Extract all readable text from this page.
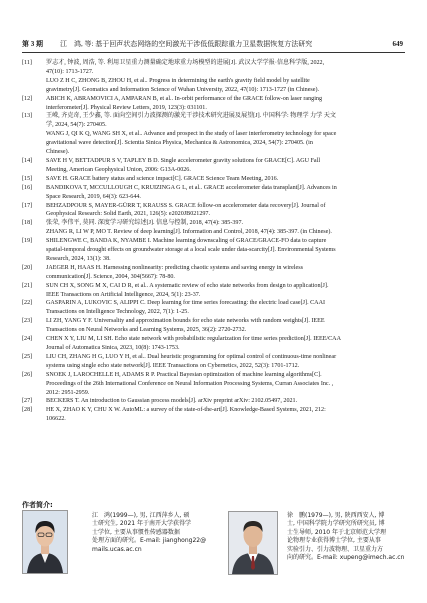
第 3 期 江　鸿, 等: 基于回声状态网络的空间激光干涉低低跟踪重力卫星数据恢复方法研究	649
[11]	罗志才, 钟波, 周浩, 等. 利用卫星重力测量确定地球重力场模型的进展[J]. 武汉大学学报·信息科学版, 2022,
47(10): 1713-1727.
LUO Z H C, ZHONG B, ZHOU H, et al.. Progress in determining the earth's gravity field model by satellite
gravimetry[J]. Geomatics and Information Science of Wuhan University, 2022, 47(10): 1713-1727 (in Chinese).
[12]	ABICH K, ABRAMOVICI A, AMPARAN B, et al.. In-orbit performance of the GRACE follow-on laser ranging
interferometer[J]. Physical Review Letters, 2019, 123(3): 031101.
[13]	王嵘, 齐克奇, 王少鑫, 等. 面向空间引力波探测的激光干涉技术研究进展及展望[J]. 中国科学: 物理学 力学 天文
学, 2024, 54(7): 270405.
WANG J, QI K Q, WANG SH X, et al.. Advance and prospect in the study of laser interferometry technology for space
gravitational wave detection[J]. Scientia Sinica Physica, Mechanica & Astronomica, 2024, 54(7): 270405. (in
Chinese).
[14]	SAVE H V, BETTADPUR S V, TAPLEY B D. Single accelerometer gravity solutions for GRACE[C]. AGU Fall
Meeting, American Geophysical Union, 2006: G13A-0026.
[15]	SAVE H. GRACE battery status and science impact[C]. GRACE Science Team Meeting, 2016.
[16]	BANDIKOVA T, MCCULLOUGH C, KRUIZINGA G L, et al.. GRACE accelerometer data transplant[J]. Advances in
Space Research, 2019, 64(3): 623-644.
[17]	BEHZADPOUR S, MAYER-GÜRR T, KRAUSS S. GRACE follow-on accelerometer data recovery[J]. Journal of
Geophysical Research: Solid Earth, 2021, 126(5): e2020JB021297.
[18]	张荣, 李伟平, 莫同. 深度学习研究综述[J]. 信息与控制, 2018, 47(4): 385-397.
ZHANG R, LI W P, MO T. Review of deep learning[J]. Information and Control, 2018, 47(4): 385-397. (in Chinese).
[19]	SHILENGWE C, BANDA K, NYAMBE I. Machine learning downscaling of GRACE/GRACE-FO data to capture
spatial-temporal drought effects on groundwater storage at a local scale under data-scarcity[J]. Environmental Systems
Research, 2024, 13(1): 38.
[20]	JAEGER H, HAAS H. Harnessing nonlinearity: predicting chaotic systems and saving energy in wireless
communication[J]. Science, 2004, 304(5667): 78-80.
[21]	SUN CH X, SONG M X, CAI D R, et al.. A systematic review of echo state networks from design to application[J].
IEEE Transactions on Artificial Intelligence, 2024, 5(1): 23-37.
[22]	GASPARIN A, LUKOVIC S, ALIPPI C. Deep learning for time series forecasting: the electric load case[J]. CAAI
Transactions on Intelligence Technology, 2022, 7(1): 1-25.
[23]	LI ZH, YANG Y F. Universality and approximation bounds for echo state networks with random weights[J]. IEEE
Transactions on Neural Networks and Learning Systems, 2025, 36(2): 2720-2732.
[24]	CHEN X Y, LIU M, LI SH. Echo state network with probabilistic regularization for time series prediction[J]. IEEE/CAA
Journal of Automatica Sinica, 2023, 10(8): 1743-1753.
[25]	LIU CH, ZHANG H G, LUO Y H, et al.. Dual heuristic programming for optimal control of continuous-time nonlinear
systems using single echo state network[J]. IEEE Transactions on Cybernetics, 2022, 52(3): 1701-1712.
[26]	SNOEK J, LAROCHELLE H, ADAMS R P. Practical Bayesian optimization of machine learning algorithms[C].
Proceedings of the 26th International Conference on Neural Information Processing Systems, Curran Associates Inc. ,
2012: 2951-2959.
[27]	BECKERS T. An introduction to Gaussian process models[J]. arXiv preprint arXiv: 2102.05497, 2021.
[28]	HE X, ZHAO K Y, CHU X W. AutoML: a survey of the state-of-the-art[J]. Knowledge-Based Systems, 2021, 212:
106622.
作者简介:
江　鸿(1999—), 男, 江西萍乡人, 硕
士研究生, 2021 年于南开大学获得学
士学位, 主要从事惯性传感器数据
处理方面的研究。E-mail: jianghong22@
mails.ucas.ac.cn
徐　鹏(1979—), 男, 陕西西安人, 博
士, 中国科学院力学研究所研究员, 博
士生导师, 2010 年于北京师范大学理
论物理专业获得博士学位, 主要从事
实验引力、引力波物理、卫星重力方
向的研究。E-mail: xupeng@imech.ac.cn
